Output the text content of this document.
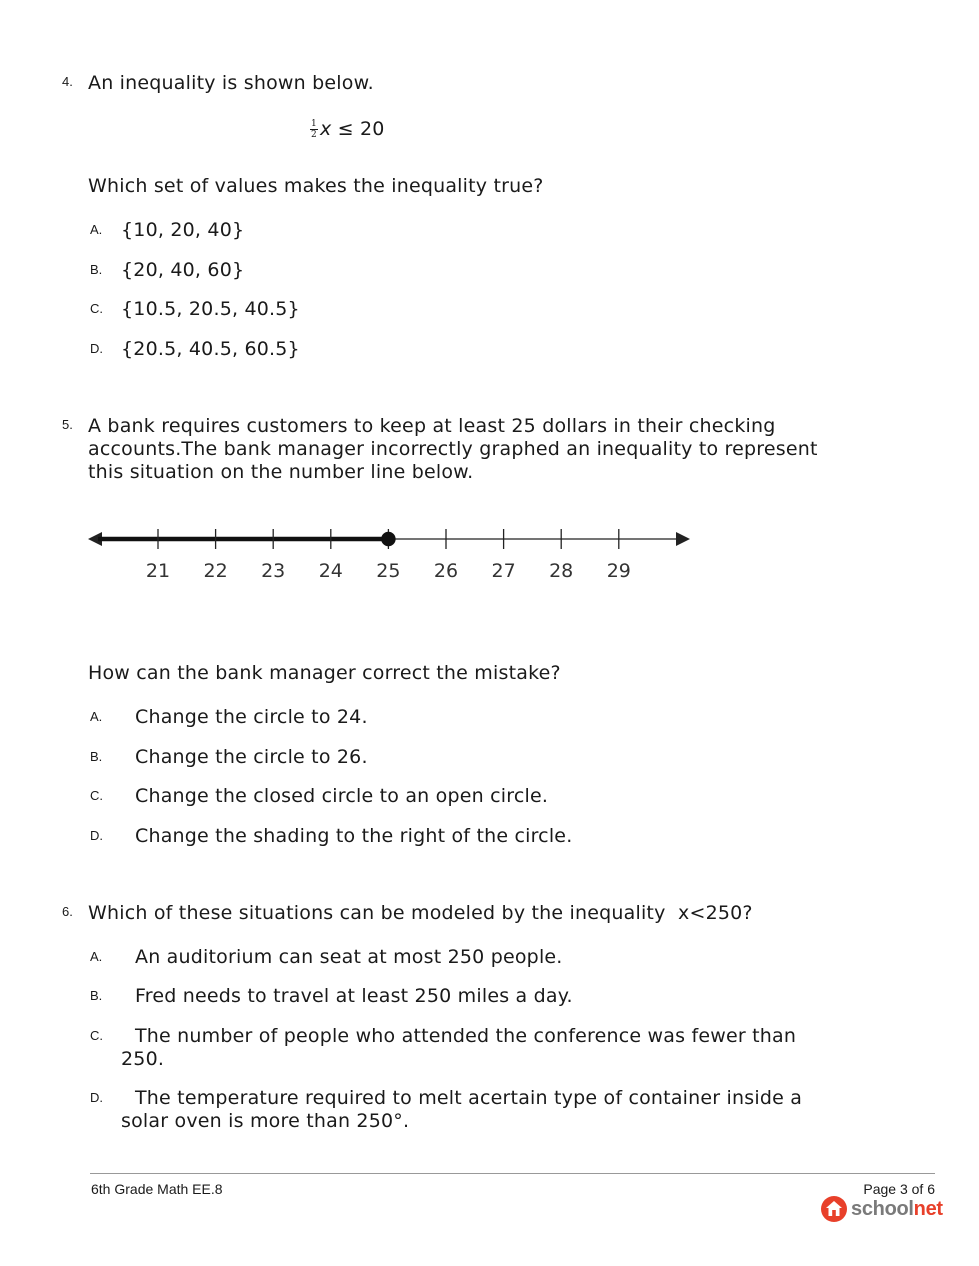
4. An inequality is shown below.
$\frac{1}{2}$ x ≤ 20
Which set of values makes the inequality true?
A. {10, 20, 40}
B. {20, 40, 60}
C. {10.5, 20.5, 40.5}
D. {20.5, 40.5, 60.5}
5. A bank requires customers to keep at least 25 dollars in their checking
accounts.The bank manager incorrectly graphed an inequality to represent
this situation on the number line below.
21 22 23 24 25 26 27 28 29
How can the bank manager correct the mistake?
A. Change the circle to 24.
B. Change the circle to 26.
C. Change the closed circle to an open circle.
D. Change the shading to the right of the circle.
6. Which of these situations can be modeled by the inequality  x<250?
A. An auditorium can seat at most 250 people.
B. Fred needs to travel at least 250 miles a day.
C. The number of people who attended the conference was fewer than
250.
D. The temperature required to melt acertain type of container inside a
solar oven is more than 250°.
6th Grade Math EE.8	Page 3 of 6
schoolnet
